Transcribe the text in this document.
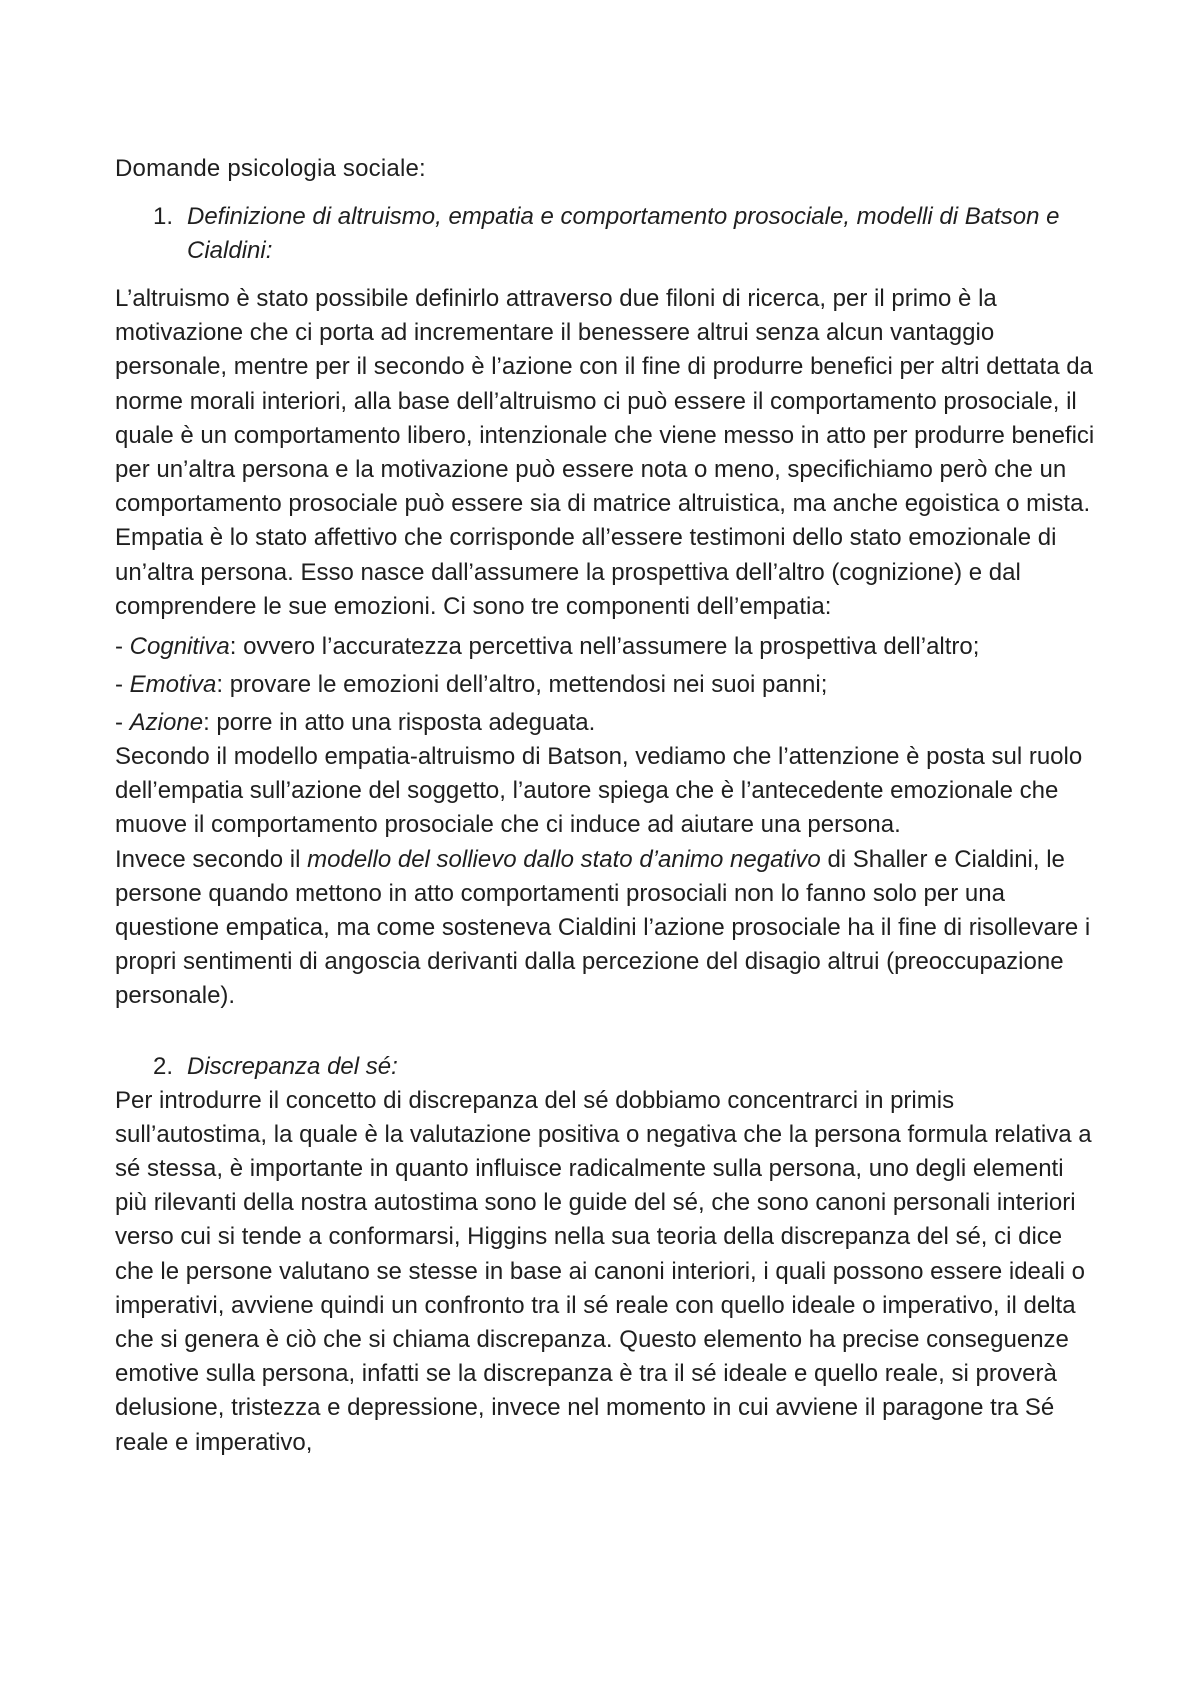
Domande psicologia sociale:

1. Definizione di altruismo, empatia e comportamento prosociale, modelli di Batson e Cialdini:

L’altruismo è stato possibile definirlo attraverso due filoni di ricerca, per il primo è la motivazione che ci porta ad incrementare il benessere altrui senza alcun vantaggio personale, mentre per il secondo è l’azione con il fine di produrre benefici per altri dettata da norme morali interiori, alla base dell’altruismo ci può essere il comportamento prosociale, il quale è un comportamento libero, intenzionale che viene messo in atto per produrre benefici per un’altra persona e la motivazione può essere nota o meno, specifichiamo però che un comportamento prosociale può essere sia di matrice altruistica, ma anche egoistica o mista. Empatia è lo stato affettivo che corrisponde all’essere testimoni dello stato emozionale di un’altra persona. Esso nasce dall’assumere la prospettiva dell’altro (cognizione) e dal comprendere le sue emozioni. Ci sono tre componenti dell’empatia:

- Cognitiva: ovvero l’accuratezza percettiva nell’assumere la prospettiva dell’altro;

- Emotiva: provare le emozioni dell’altro, mettendosi nei suoi panni;

- Azione: porre in atto una risposta adeguata.

Secondo il modello empatia-altruismo di Batson, vediamo che l’attenzione è posta sul ruolo dell’empatia sull’azione del soggetto, l’autore spiega che è l’antecedente emozionale che muove il comportamento prosociale che ci induce ad aiutare una persona.

Invece secondo il modello del sollievo dallo stato d’animo negativo di Shaller e Cialdini, le persone quando mettono in atto comportamenti prosociali non lo fanno solo per una questione empatica, ma come sosteneva Cialdini l’azione prosociale ha il fine di risollevare i propri sentimenti di angoscia derivanti dalla percezione del disagio altrui (preoccupazione personale).

2. Discrepanza del sé:

Per introdurre il concetto di discrepanza del sé dobbiamo concentrarci in primis sull’autostima, la quale è la valutazione positiva o negativa che la persona formula relativa a sé stessa, è importante in quanto influisce radicalmente sulla persona, uno degli elementi più rilevanti della nostra autostima sono le guide del sé, che sono canoni personali interiori verso cui si tende a conformarsi, Higgins nella sua teoria della discrepanza del sé, ci dice che le persone valutano se stesse in base ai canoni interiori, i quali possono essere ideali o imperativi, avviene quindi un confronto tra il sé reale con quello ideale o imperativo, il delta che si genera è ciò che si chiama discrepanza. Questo elemento ha precise conseguenze emotive sulla persona, infatti se la discrepanza è tra il sé ideale e quello reale, si proverà delusione, tristezza e depressione, invece nel momento in cui avviene il paragone tra Sé reale e imperativo,
